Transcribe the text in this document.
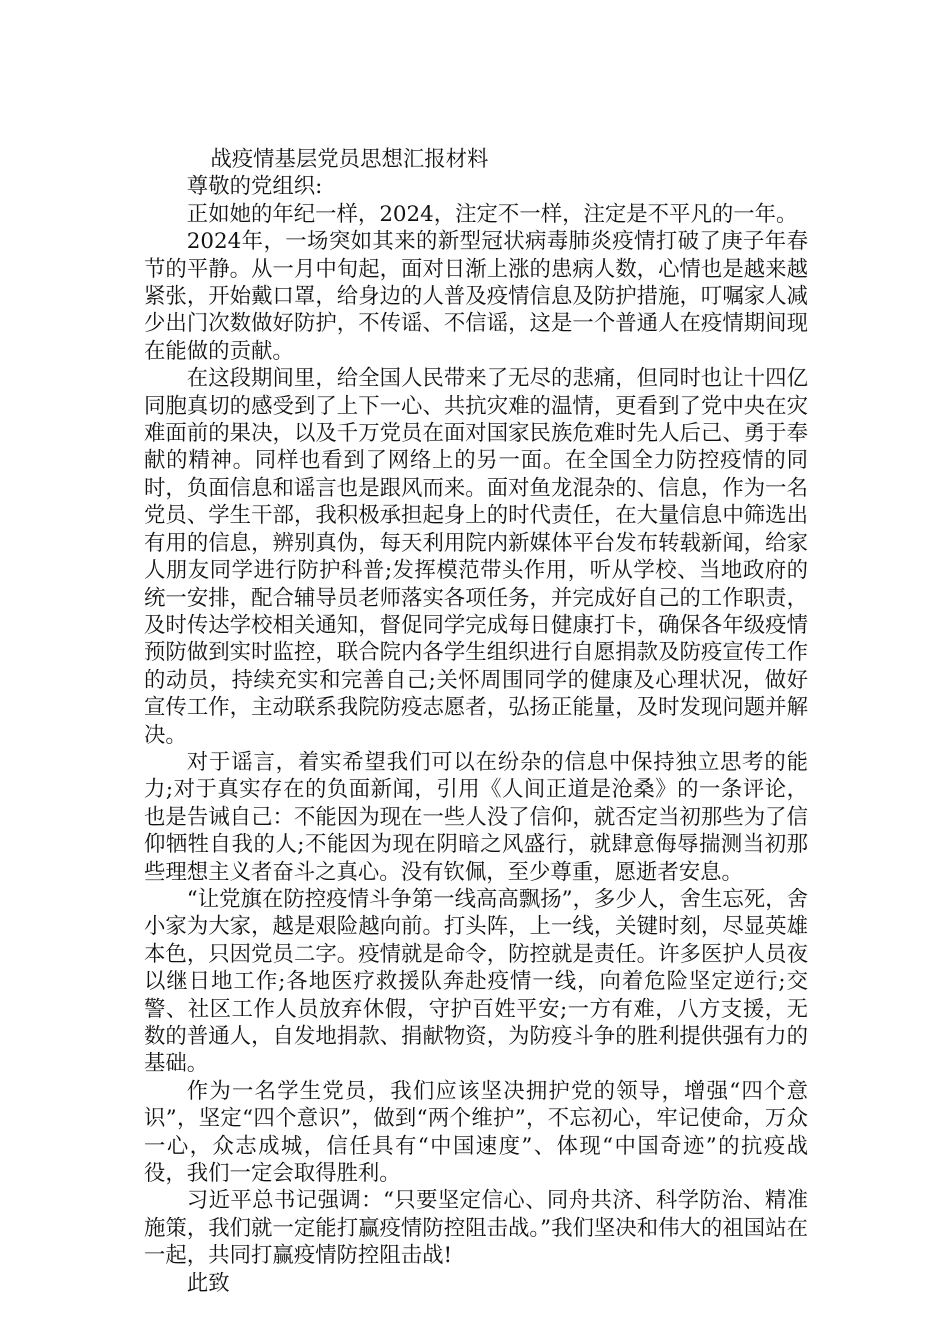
战疫情基层党员思想汇报材料

尊敬的党组织:

正如她的年纪一样，2024，注定不一样，注定是不平凡的一年。

2024年，一场突如其来的新型冠状病毒肺炎疫情打破了庚子年春节的平静。从一月中旬起，面对日渐上涨的患病人数，心情也是越来越紧张，开始戴口罩，给身边的人普及疫情信息及防护措施，叮嘱家人减少出门次数做好防护，不传谣、不信谣，这是一个普通人在疫情期间现在能做的贡献。

在这段期间里，给全国人民带来了无尽的悲痛，但同时也让十四亿同胞真切的感受到了上下一心、共抗灾难的温情，更看到了党中央在灾难面前的果决，以及千万党员在面对国家民族危难时先人后己、勇于奉献的精神。同样也看到了网络上的另一面。在全国全力防控疫情的同时，负面信息和谣言也是跟风而来。面对鱼龙混杂的、信息，作为一名党员、学生干部，我积极承担起身上的时代责任，在大量信息中筛选出有用的信息，辨别真伪，每天利用院内新媒体平台发布转载新闻，给家人朋友同学进行防护科普;发挥模范带头作用，听从学校、当地政府的统一安排，配合辅导员老师落实各项任务，并完成好自己的工作职责，及时传达学校相关通知，督促同学完成每日健康打卡，确保各年级疫情预防做到实时监控，联合院内各学生组织进行自愿捐款及防疫宣传工作的动员，持续充实和完善自己;关怀周围同学的健康及心理状况，做好宣传工作，主动联系我院防疫志愿者，弘扬正能量，及时发现问题并解决。

对于谣言，着实希望我们可以在纷杂的信息中保持独立思考的能力;对于真实存在的负面新闻，引用《人间正道是沧桑》的一条评论，也是告诫自己：不能因为现在一些人没了信仰，就否定当初那些为了信仰牺牲自我的人;不能因为现在阴暗之风盛行，就肆意侮辱揣测当初那些理想主义者奋斗之真心。没有钦佩，至少尊重，愿逝者安息。

“让党旗在防控疫情斗争第一线高高飘扬”，多少人，舍生忘死，舍小家为大家，越是艰险越向前。打头阵，上一线，关键时刻，尽显英雄本色，只因党员二字。疫情就是命令，防控就是责任。许多医护人员夜以继日地工作;各地医疗救援队奔赴疫情一线，向着危险坚定逆行;交警、社区工作人员放弃休假，守护百姓平安;一方有难，八方支援，无数的普通人，自发地捐款、捐献物资，为防疫斗争的胜利提供强有力的基础。

作为一名学生党员，我们应该坚决拥护党的领导，增强“四个意识”，坚定“四个意识”，做到“两个维护”，不忘初心，牢记使命，万众一心，众志成城，信任具有“中国速度”、体现“中国奇迹”的抗疫战役，我们一定会取得胜利。

习近平总书记强调：“只要坚定信心、同舟共济、科学防治、精准施策，我们就一定能打赢疫情防控阻击战。”我们坚决和伟大的祖国站在一起，共同打赢疫情防控阻击战!

此致
